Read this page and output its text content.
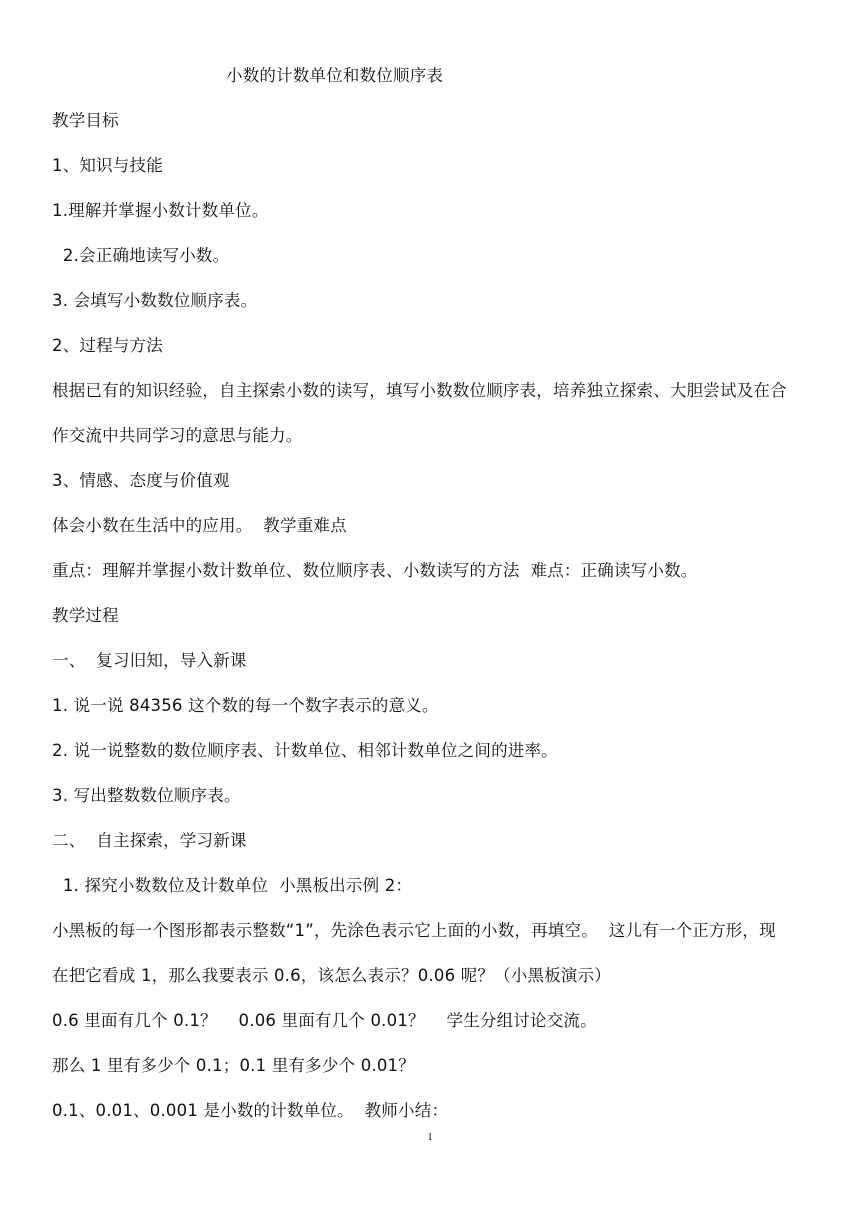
小数的计数单位和数位顺序表
教学目标
1、知识与技能
1.理解并掌握小数计数单位。
2.会正确地读写小数。
3. 会填写小数数位顺序表。
2、过程与方法
根据已有的知识经验，自主探索小数的读写，填写小数数位顺序表，培养独立探索、大胆尝试及在合
作交流中共同学习的意思与能力。
3、情感、态度与价值观
体会小数在生活中的应用。  教学重难点
重点：理解并掌握小数计数单位、数位顺序表、小数读写的方法  难点：正确读写小数。
教学过程
一、  复习旧知，导入新课
1. 说一说 84356 这个数的每一个数字表示的意义。
2. 说一说整数的数位顺序表、计数单位、相邻计数单位之间的进率。
3. 写出整数数位顺序表。
二、  自主探索，学习新课
1. 探究小数数位及计数单位  小黑板出示例 2：
小黑板的每一个图形都表示整数“1”，先涂色表示它上面的小数，再填空。  这儿有一个正方形，现
在把它看成 1，那么我要表示 0.6，该怎么表示？0.06 呢？（小黑板演示）
0.6 里面有几个 0.1？    0.06 里面有几个 0.01？    学生分组讨论交流。
那么 1 里有多少个 0.1；0.1 里有多少个 0.01？
0.1、0.01、0.001 是小数的计数单位。  教师小结：
1
